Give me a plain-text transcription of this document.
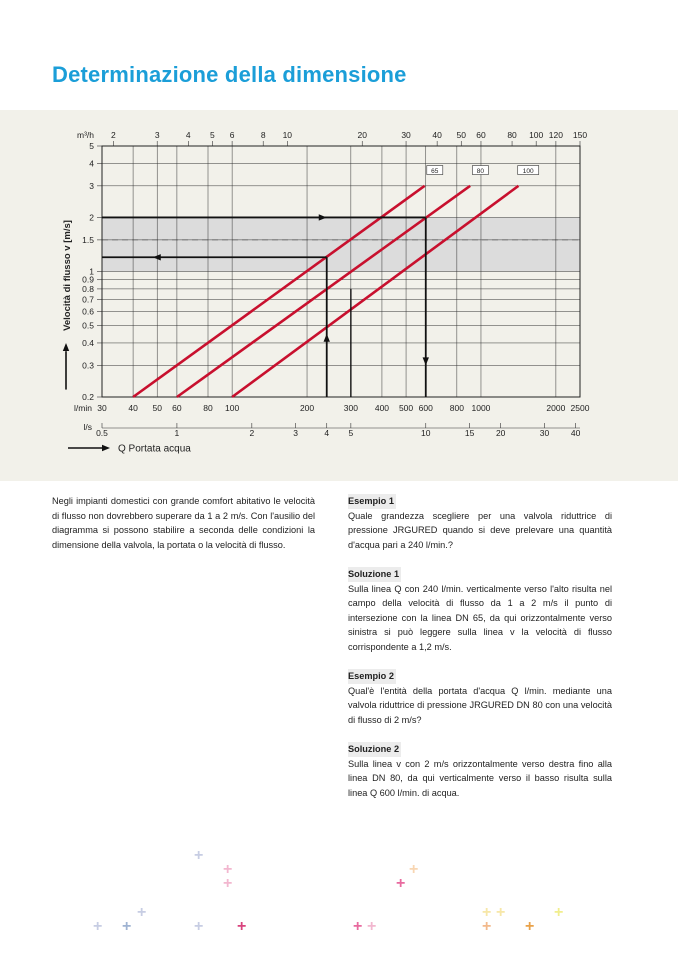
Determinazione della dimensione
0.2
0.3
0.4
0.5
0.6
0.7
0.8
0.9
1
1.5
2
3
4
5
30	40 50 60	80 100	200	300 400 500 600 800 1000	2000 2500
2	3	4 5 6	8 10	20	30	40 50 60	80 100 120 150
m³/h
l/min
0.5	1	2	3	4 5	10	15	20	30	40
l/s
65	80	100
Velocità di flusso v [m/s]
Q Portata acqua

Negli impianti domestici con grande comfort abitativo le velocità di flusso non dovrebbero superare da 1 a 2 m/s. Con l'ausilio del diagramma si possono stabilire a seconda delle condizioni la dimensione della valvola, la portata o la velocità di flusso.

Esempio 1

Quale grandezza scegliere per una valvola riduttrice di pressione JRGURED quando si deve prelevare una quantità d'acqua pari a 240 l/min.?

Soluzione 1

Sulla linea Q con 240 l/min. verticalmente verso l'alto risulta nel campo della velocità di flusso da 1 a 2 m/s il punto di intersezione con la linea DN 65, da qui orizzontalmente verso sinistra si può leggere sulla linea v la velocità di flusso corrispondente a 1,2 m/s.

Esempio 2

Qual'è l'entità della portata d'acqua Q l/min. mediante una valvola riduttrice di pressione JRGURED DN 80 con una velocità di flusso di 2 m/s?

Soluzione 2

Sulla linea v con 2 m/s orizzontalmente verso destra fino alla linea DN 80, da qui verticalmente verso il basso risulta sulla linea Q 600 l/min. di acqua.

+
+
+
+
+ +	+ +
+
+
+ +
+ +	+
+ +
